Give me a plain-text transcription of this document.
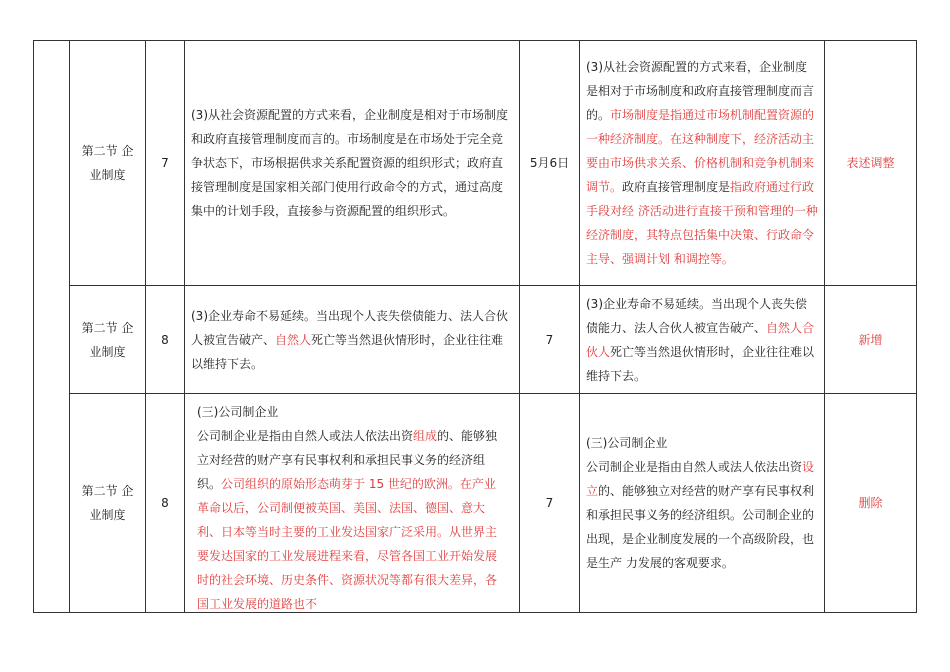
	第二节 企业制度	7	(3)从社会资源配置的方式来看，企业制度是相对于市场制度和政府直接管理制度而言的。市场制度是在市场处于完全竞争状态下，市场根据供求关系配置资源的组织形式；政府直接管理制度是国家相关部门使用行政命令的方式，通过高度集中的计划手段，直接参与资源配置的组织形式。	5月6日	(3)从社会资源配置的方式来看，企业制度是相对于市场制度和政府直接管理制度而言 的。市场制度是指通过市场机制配置资源的一种经济制度。在这种制度下，经济活动主要由市场供求关系、价格机制和竞争机制来调节。政府直接管理制度是指政府通过行政手段对经 济活动进行直接干预和管理的一种经济制度，其特点包括集中决策、行政命令主导、强调计划 和调控等。	表述调整
	第二节 企业制度	8	(3)企业寿命不易延续。当出现个人丧失偿债能力、法人合伙人被宣告破产、自然人死亡等当然退伙情形时，企业往往难以维持下去。	7	(3)企业寿命不易延续。当出现个人丧失偿债能力、法人合伙人被宣告破产、自然人合伙人死亡等当然退伙情形时，企业往往难以维持下去。	新增
	第二节 企业制度	8	(三)公司制企业
公司制企业是指由自然人或法人依法出资组成的、能够独立对经营的财产享有民事权利和承担民事义务的经济组织。公司组织的原始形态萌芽于 15 世纪的欧洲。在产业革命以后，公司制便被英国、美国、法国、德国、意大利、日本等当时主要的工业发达国家广泛采用。从世界主要发达国家的工业发展进程来看，尽管各国工业开始发展时的社会环境、历史条件、资源状况等都有很大差异，各国工业发展的道路也不	7	(三)公司制企业
公司制企业是指由自然人或法人依法出资设立的、能够独立对经营的财产享有民事权利 和承担民事义务的经济组织。公司制企业的出现，是企业制度发展的一个高级阶段，也是生产 力发展的客观要求。	删除
